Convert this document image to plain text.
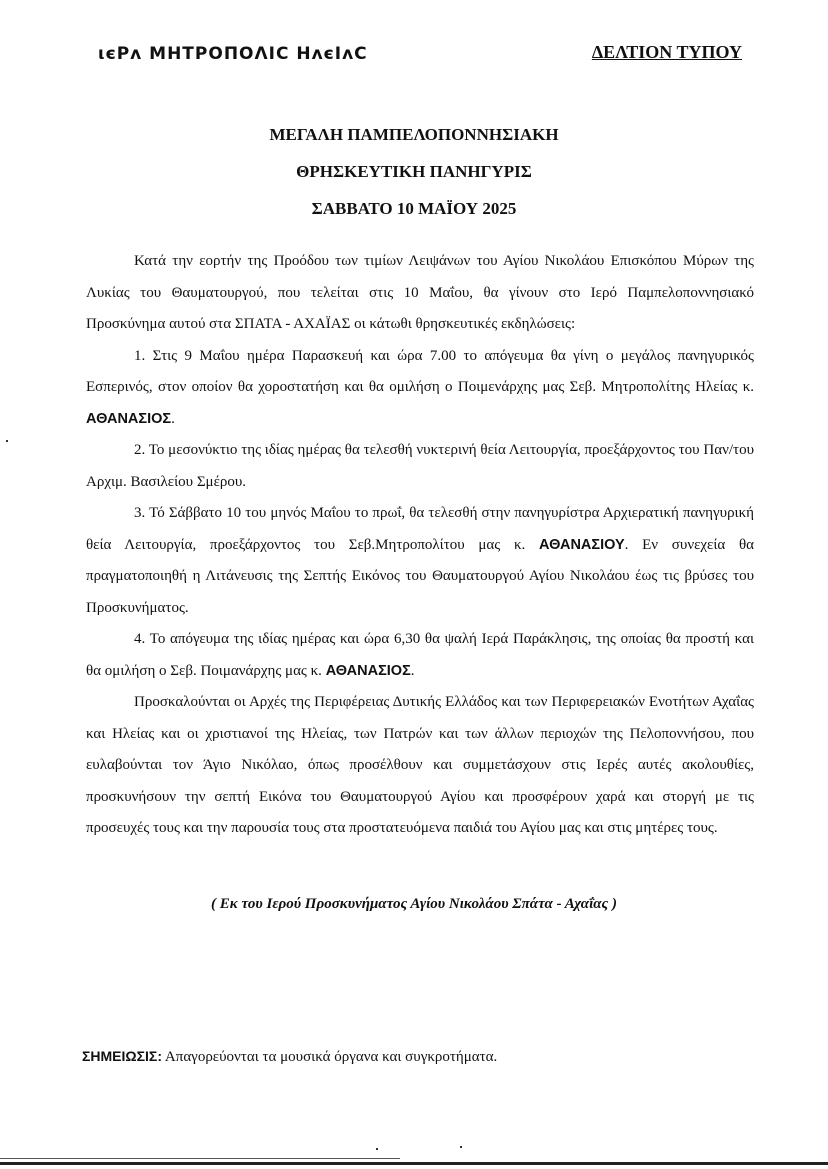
ιєΡʌ ΜΗΤΡΟΠΟΛΙϹ ΗʌєΙʌϹ	ΔΕΛΤΙΟΝ ΤΥΠΟΥ
ΜΕΓΑΛΗ ΠΑΜΠΕΛΟΠΟΝΝΗΣΙΑΚΗ
ΘΡΗΣΚΕΥΤΙΚΗ ΠΑΝΗΓΥΡΙΣ
ΣΑΒΒΑΤΟ 10 ΜΑΪΟΥ 2025

Κατά την εορτήν της Προόδου των τιμίων Λειψάνων του Αγίου Νικολάου Επισκόπου Μύρων της Λυκίας του Θαυματουργού, που τελείται στις 10 Μαΐου, θα γίνουν στο Ιερό Παμπελοποννησιακό Προσκύνημα αυτού στα ΣΠΑΤΑ - ΑΧΑΪΑΣ οι κάτωθι θρησκευτικές εκδηλώσεις:

1. Στις 9 Μαΐου ημέρα Παρασκευή και ώρα 7.00 το απόγευμα θα γίνη ο μεγάλος πανηγυρικός Εσπερινός, στον οποίον θα χοροστατήση και θα ομιλήση ο Ποιμενάρχης μας Σεβ. Μητροπολίτης Ηλείας κ. ΑΘΑΝΑΣΙΟΣ.

2. Το μεσονύκτιο της ιδίας ημέρας θα τελεσθή νυκτερινή θεία Λειτουργία, προεξάρχοντος του Παν/του Αρχιμ. Βασιλείου Σμέρου.

3. Τό Σάββατο 10 του μηνός Μαΐου το πρωΐ, θα τελεσθή στην πανηγυρίστρα Αρχιερατική πανηγυρική θεία Λειτουργία, προεξάρχοντος του Σεβ.Μητροπολίτου μας κ. ΑΘΑΝΑΣΙΟΥ. Εν συνεχεία θα πραγματοποιηθή η Λιτάνευσις της Σεπτής Εικόνος του Θαυματουργού Αγίου Νικολάου έως τις βρύσες του Προσκυνήματος.

4. Το απόγευμα της ιδίας ημέρας και ώρα 6,30 θα ψαλή Ιερά Παράκλησις, της οποίας θα προστή και θα ομιλήση ο Σεβ. Ποιμανάρχης μας κ. ΑΘΑΝΑΣΙΟΣ.

Προσκαλούνται οι Αρχές της Περιφέρειας Δυτικής Ελλάδος και των Περιφερειακών Ενοτήτων Αχαΐας και Ηλείας και οι χριστιανοί της Ηλείας, των Πατρών και των άλλων περιοχών της Πελοποννήσου, που ευλαβούνται τον Άγιο Νικόλαο, όπως προσέλθουν και συμμετάσχουν στις Ιερές αυτές ακολουθίες, προσκυνήσουν την σεπτή Εικόνα του Θαυματουργού Αγίου και προσφέρουν χαρά και στοργή με τις προσευχές τους και την παρουσία τους στα προστατευόμενα παιδιά του Αγίου μας και στις μητέρες τους.

( Εκ του Ιερού Προσκυνήματος Αγίου Νικολάου Σπάτα - Αχαΐας )
ΣΗΜΕΙΩΣΙΣ: Απαγορεύονται τα μουσικά όργανα και συγκροτήματα.
